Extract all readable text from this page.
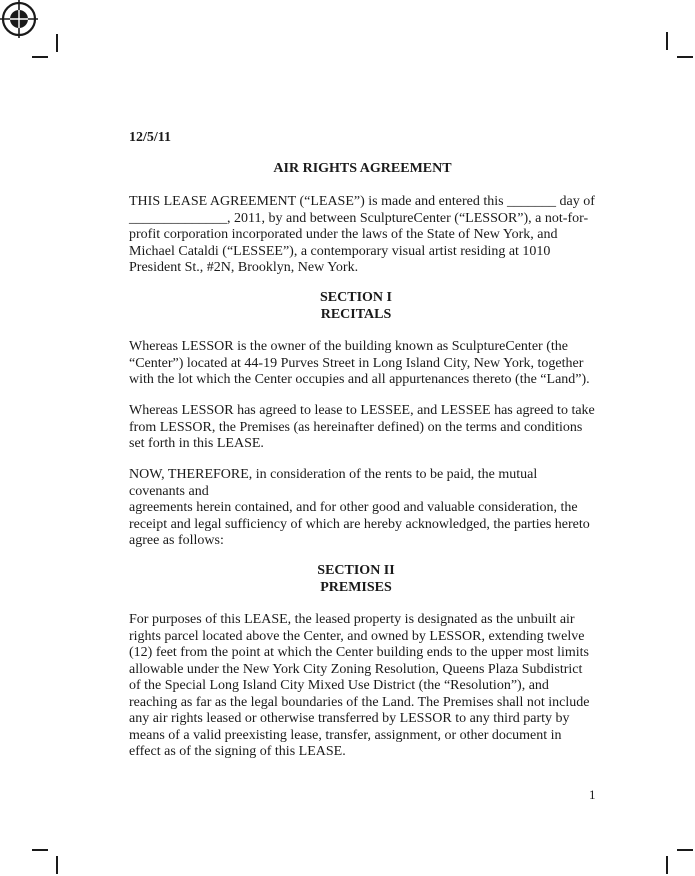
12/5/11
AIR RIGHTS AGREEMENT

THIS LEASE AGREEMENT (“LEASE”) is made and entered this _______ day of
______________, 2011, by and between SculptureCenter (“LESSOR”), a not-for-
profit corporation incorporated under the laws of the State of New York, and
Michael Cataldi (“LESSEE”), a contemporary visual artist residing at 1010
President St., #2N, Brooklyn, New York.

SECTION I
RECITALS

Whereas LESSOR is the owner of the building known as SculptureCenter (the
“Center”) located at 44-19 Purves Street in Long Island City, New York, together
with the lot which the Center occupies and all appurtenances thereto (the “Land”).

Whereas LESSOR has agreed to lease to LESSEE, and LESSEE has agreed to take
from LESSOR, the Premises (as hereinafter defined) on the terms and conditions
set forth in this LEASE.

NOW, THEREFORE, in consideration of the rents to be paid, the mutual
covenants and
agreements herein contained, and for other good and valuable consideration, the
receipt and legal sufficiency of which are hereby acknowledged, the parties hereto
agree as follows:

SECTION II
PREMISES

For purposes of this LEASE, the leased property is designated as the unbuilt air
rights parcel located above the Center, and owned by LESSOR, extending twelve
(12) feet from the point at which the Center building ends to the upper most limits
allowable under the New York City Zoning Resolution, Queens Plaza Subdistrict
of the Special Long Island City Mixed Use District (the “Resolution”), and
reaching as far as the legal boundaries of the Land. The Premises shall not include
any air rights leased or otherwise transferred by LESSOR to any third party by
means of a valid preexisting lease, transfer, assignment, or other document in
effect as of the signing of this LEASE.

1
